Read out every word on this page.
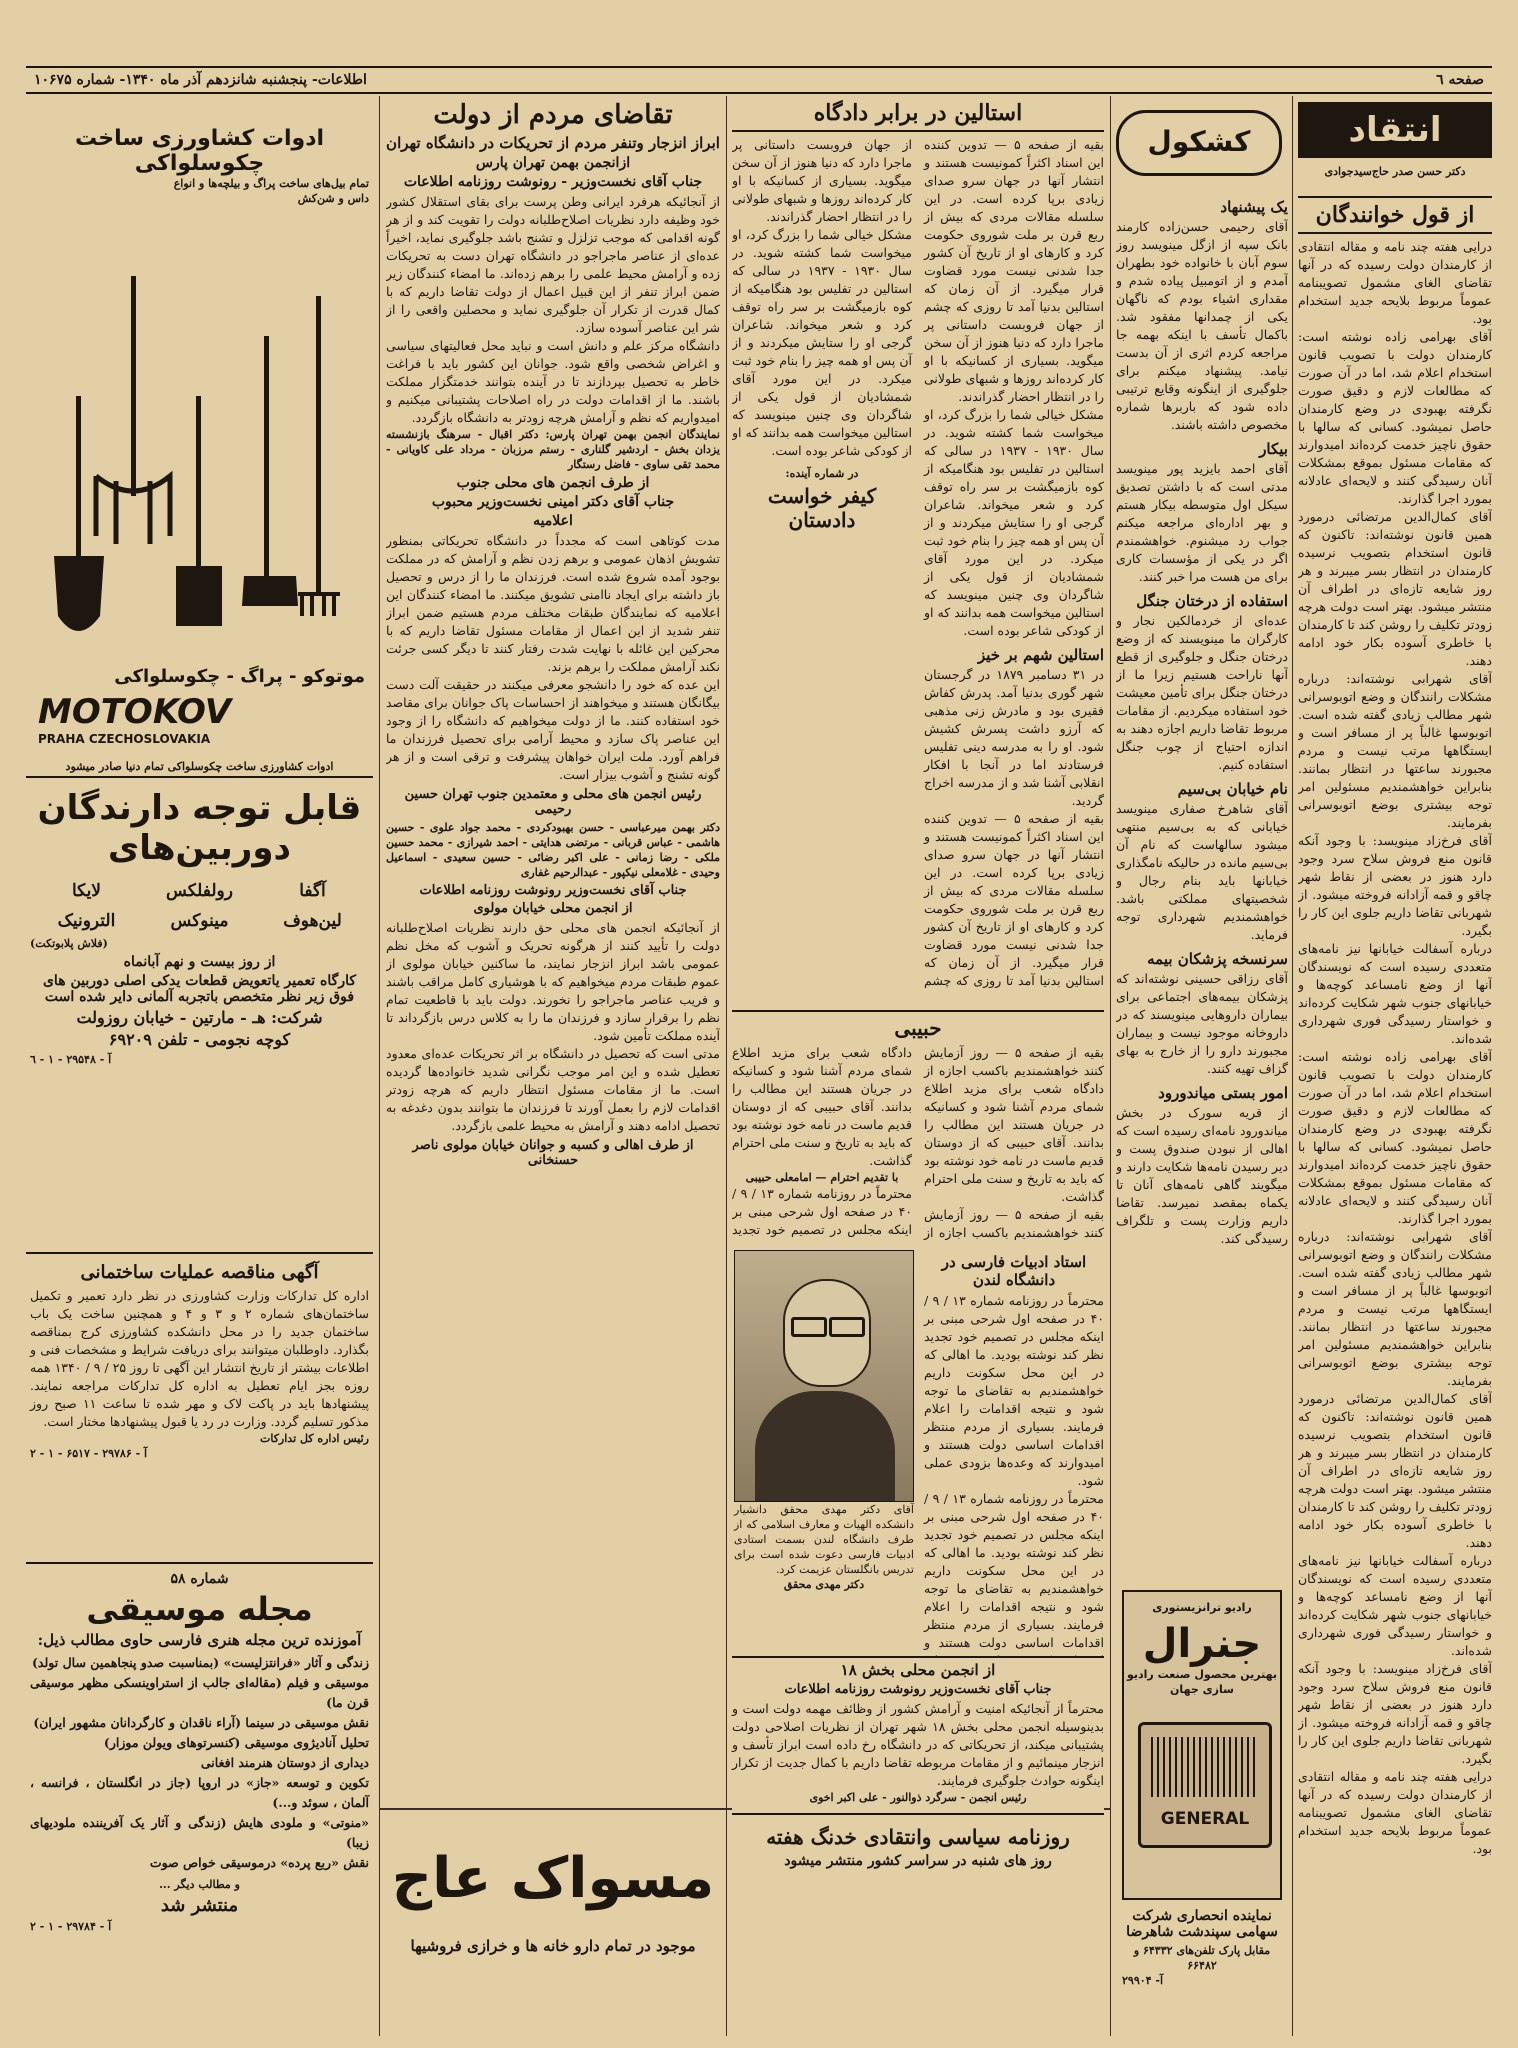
صفحه ٦
اطلاعات- پنجشنبه شانزدهم آذر ماه ۱۳۴۰- شماره ۱۰۶۷۵
انتقاد
دکتر حسن صدر حاج‌سیدجوادی
از قول خوانندگان

درایی هفته چند نامه و مقاله انتقادی از کارمندان دولت رسیده که در آنها تقاضای الغای مشمول تصویبنامه عموماً مربوط بلایحه جدید استخدام بود.

آقای بهرامی زاده نوشته است: کارمندان دولت با تصویب قانون استخدام اعلام شد، اما در آن صورت که مطالعات لازم و دقیق صورت نگرفته بهبودی در وضع کارمندان حاصل نمیشود. کسانی که سالها با حقوق ناچیز خدمت کرده‌اند امیدوارند که مقامات مسئول بموقع بمشکلات آنان رسیدگی کنند و لایحه‌ای عادلانه بمورد اجرا گذارند.

آقای کمال‌الدین مرتضائی درمورد همین قانون نوشته‌اند: تاکنون که قانون استخدام بتصویب نرسیده کارمندان در انتظار بسر میبرند و هر روز شایعه تازه‌ای در اطراف آن منتشر میشود. بهتر است دولت هرچه زودتر تکلیف را روشن کند تا کارمندان با خاطری آسوده بکار خود ادامه دهند.

آقای شهرابی نوشته‌اند: درباره مشکلات رانندگان و وضع اتوبوسرانی شهر مطالب زیادی گفته شده است. اتوبوسها غالباً پر از مسافر است و ایستگاهها مرتب نیست و مردم مجبورند ساعتها در انتظار بمانند. بنابراین خواهشمندیم مسئولین امر توجه بیشتری بوضع اتوبوسرانی بفرمایند.

آقای فرخ‌زاد مینویسد: با وجود آنکه قانون منع فروش سلاح سرد وجود دارد هنوز در بعضی از نقاط شهر چاقو و قمه آزادانه فروخته میشود. از شهربانی تقاضا داریم جلوی این کار را بگیرد.

درباره آسفالت خیابانها نیز نامه‌های متعددی رسیده است که نویسندگان آنها از وضع نامساعد کوچه‌ها و خیابانهای جنوب شهر شکایت کرده‌اند و خواستار رسیدگی فوری شهرداری شده‌اند.

آقای بهرامی زاده نوشته است: کارمندان دولت با تصویب قانون استخدام اعلام شد، اما در آن صورت که مطالعات لازم و دقیق صورت نگرفته بهبودی در وضع کارمندان حاصل نمیشود. کسانی که سالها با حقوق ناچیز خدمت کرده‌اند امیدوارند که مقامات مسئول بموقع بمشکلات آنان رسیدگی کنند و لایحه‌ای عادلانه بمورد اجرا گذارند.

آقای شهرابی نوشته‌اند: درباره مشکلات رانندگان و وضع اتوبوسرانی شهر مطالب زیادی گفته شده است. اتوبوسها غالباً پر از مسافر است و ایستگاهها مرتب نیست و مردم مجبورند ساعتها در انتظار بمانند. بنابراین خواهشمندیم مسئولین امر توجه بیشتری بوضع اتوبوسرانی بفرمایند.

آقای کمال‌الدین مرتضائی درمورد همین قانون نوشته‌اند: تاکنون که قانون استخدام بتصویب نرسیده کارمندان در انتظار بسر میبرند و هر روز شایعه تازه‌ای در اطراف آن منتشر میشود. بهتر است دولت هرچه زودتر تکلیف را روشن کند تا کارمندان با خاطری آسوده بکار خود ادامه دهند.

درباره آسفالت خیابانها نیز نامه‌های متعددی رسیده است که نویسندگان آنها از وضع نامساعد کوچه‌ها و خیابانهای جنوب شهر شکایت کرده‌اند و خواستار رسیدگی فوری شهرداری شده‌اند.

آقای فرخ‌زاد مینویسد: با وجود آنکه قانون منع فروش سلاح سرد وجود دارد هنوز در بعضی از نقاط شهر چاقو و قمه آزادانه فروخته میشود. از شهربانی تقاضا داریم جلوی این کار را بگیرد.

درایی هفته چند نامه و مقاله انتقادی از کارمندان دولت رسیده که در آنها تقاضای الغای مشمول تصویبنامه عموماً مربوط بلایحه جدید استخدام بود.

کشکول
یک پیشنهاد

آقای رحیمی حسن‌زاده کارمند بانک سپه از ازگل مینویسد روز سوم آبان با خانواده خود بطهران آمدم و از اتومبیل پیاده شدم و مقداری اشیاء بودم که ناگهان یکی از چمدانها مفقود شد. باکمال تأسف با اینکه بهمه جا مراجعه کردم اثری از آن بدست نیامد. پیشنهاد میکنم برای جلوگیری از اینگونه وقایع ترتیبی داده شود که باربرها شماره مخصوص داشته باشند.

بیکار

آقای احمد بایزید پور مینویسد مدتی است که با داشتن تصدیق سیکل اول متوسطه بیکار هستم و بهر اداره‌ای مراجعه میکنم جواب رد میشنوم. خواهشمندم اگر در یکی از مؤسسات کاری برای من هست مرا خبر کنند.

استفاده از درختان جنگل

عده‌ای از خردمالکین نجار و کارگران ما مینویسند که از وضع درختان جنگل و جلوگیری از قطع آنها ناراحت هستیم زیرا ما از درختان جنگل برای تأمین معیشت خود استفاده میکردیم. از مقامات مربوط تقاضا داریم اجازه دهند به اندازه احتیاج از چوب جنگل استفاده کنیم.

نام خیابان بی‌سیم

آقای شاهرخ صفاری مینویسد خیابانی که به بی‌سیم منتهی میشود سالهاست که نام آن بی‌سیم مانده در حالیکه نامگذاری خیابانها باید بنام رجال و شخصیتهای مملکتی باشد. خواهشمندیم شهرداری توجه فرماید.

سرنسخه پزشکان بیمه

آقای رزاقی حسینی نوشته‌اند که پزشکان بیمه‌های اجتماعی برای بیماران داروهایی مینویسند که در داروخانه موجود نیست و بیماران مجبورند دارو را از خارج به بهای گزاف تهیه کنند.

امور بستی میاندورود

از قریه سورک در بخش میاندورود نامه‌ای رسیده است که اهالی از نبودن صندوق پست و دیر رسیدن نامه‌ها شکایت دارند و میگویند گاهی نامه‌های آنان تا یکماه بمقصد نمیرسد. تقاضا داریم وزارت پست و تلگراف رسیدگی کند.

رادیو ترانزیستوری
جنرال
بهترین محصول صنعت رادیو سازی جهان
GENERAL
نماینده انحصاری شرکت سهامی سپندشت شاهرضا
مقابل پارک تلفن‌های ۶۴۳۳۲ و ۶۶۴۸۲
آ- ۲۹۹۰۴
استالین در برابر دادگاه

بقیه از صفحه ۵ — تدوین کننده این اسناد اکثراً کمونیست هستند و انتشار آنها در جهان سرو صدای زیادی برپا کرده است. در این سلسله مقالات مردی که بیش از ربع قرن بر ملت شوروی حکومت کرد و کارهای او از تاریخ آن کشور جدا شدنی نیست مورد قضاوت قرار میگیرد. از آن زمان که استالین بدنیا آمد تا روزی که چشم از جهان فروبست داستانی پر ماجرا دارد که دنیا هنوز از آن سخن میگوید. بسیاری از کسانیکه با او کار کرده‌اند روزها و شبهای طولانی را در انتظار احضار گذراندند.

مشکل خیالی شما را بزرگ کرد، او میخواست شما کشته شوید. در سال ۱۹۳۰ - ۱۹۳۷ در سالی که استالین در تفلیس بود هنگامیکه از کوه بازمیگشت بر سر راه توقف کرد و شعر میخواند. شاعران گرجی او را ستایش میکردند و از آن پس او همه چیز را بنام خود ثبت میکرد. در این مورد آقای شمشادیان از قول یکی از شاگردان وی چنین مینویسد که استالین میخواست همه بدانند که او از کودکی شاعر بوده است.

استالین شهم بر خیز

در ۳۱ دسامبر ۱۸۷۹ در گرجستان شهر گوری بدنیا آمد. پدرش کفاش فقیری بود و مادرش زنی مذهبی که آرزو داشت پسرش کشیش شود. او را به مدرسه دینی تفلیس فرستادند اما در آنجا با افکار انقلابی آشنا شد و از مدرسه اخراج گردید.

بقیه از صفحه ۵ — تدوین کننده این اسناد اکثراً کمونیست هستند و انتشار آنها در جهان سرو صدای زیادی برپا کرده است. در این سلسله مقالات مردی که بیش از ربع قرن بر ملت شوروی حکومت کرد و کارهای او از تاریخ آن کشور جدا شدنی نیست مورد قضاوت قرار میگیرد. از آن زمان که استالین بدنیا آمد تا روزی که چشم از جهان فروبست داستانی پر ماجرا دارد که دنیا هنوز از آن سخن میگوید. بسیاری از کسانیکه با او کار کرده‌اند روزها و شبهای طولانی را در انتظار احضار گذراندند.

مشکل خیالی شما را بزرگ کرد، او میخواست شما کشته شوید. در سال ۱۹۳۰ - ۱۹۳۷ در سالی که استالین در تفلیس بود هنگامیکه از کوه بازمیگشت بر سر راه توقف کرد و شعر میخواند. شاعران گرجی او را ستایش میکردند و از آن پس او همه چیز را بنام خود ثبت میکرد. در این مورد آقای شمشادیان از قول یکی از شاگردان وی چنین مینویسد که استالین میخواست همه بدانند که او از کودکی شاعر بوده است.

در شماره آینده:
کیفر خواست دادستان
حبیبی

بقیه از صفحه ۵ — روز آزمایش کنند خواهشمندیم باکسب اجازه از دادگاه شعب برای مزید اطلاع شمای مردم آشنا شود و کسانیکه در جریان هستند این مطالب را بدانند. آقای حبیبی که از دوستان قدیم ماست در نامه خود نوشته بود که باید به تاریخ و سنت ملی احترام گذاشت.

بقیه از صفحه ۵ — روز آزمایش کنند خواهشمندیم باکسب اجازه از دادگاه شعب برای مزید اطلاع شمای مردم آشنا شود و کسانیکه در جریان هستند این مطالب را بدانند. آقای حبیبی که از دوستان قدیم ماست در نامه خود نوشته بود که باید به تاریخ و سنت ملی احترام گذاشت.

با تقدیم احترام — امامعلی حبیبی

محترماً در روزنامه شماره ۱۳ / ۹ / ۴۰ در صفحه اول شرحی مبنی بر اینکه مجلس در تصمیم خود تجدید

استاد ادبیات فارسی در دانشگاه لندن

محترماً در روزنامه شماره ۱۳ / ۹ / ۴۰ در صفحه اول شرحی مبنی بر اینکه مجلس در تصمیم خود تجدید نظر کند نوشته بودید. ما اهالی که در این محل سکونت داریم خواهشمندیم به تقاضای ما توجه شود و نتیجه اقدامات را اعلام فرمایند. بسیاری از مردم منتظر اقدامات اساسی دولت هستند و امیدوارند که وعده‌ها بزودی عملی شود.

محترماً در روزنامه شماره ۱۳ / ۹ / ۴۰ در صفحه اول شرحی مبنی بر اینکه مجلس در تصمیم خود تجدید نظر کند نوشته بودید. ما اهالی که در این محل سکونت داریم خواهشمندیم به تقاضای ما توجه شود و نتیجه اقدامات را اعلام فرمایند. بسیاری از مردم منتظر اقدامات اساسی دولت هستند و

آقای دکتر مهدی محقق دانشیار دانشکده الهیات و معارف اسلامی که از طرف دانشگاه لندن بسمت استادی ادبیات فارسی دعوت شده است برای تدریس بانگلستان عزیمت کرد.

دکتر مهدی محقق
تقاضای مردم از دولت
ابراز انزجار وتنفر مردم از تحریکات در دانشگاه تهران
ازانجمن بهمن تهران پارس
جناب آقای نخست‌وزیر - رونوشت روزنامه اطلاعات

از آنجائیکه هرفرد ایرانی وطن پرست برای بقای استقلال کشور خود وظیفه دارد نظریات اصلاح‌طلبانه دولت را تقویت کند و از هر گونه اقدامی که موجب تزلزل و تشنج باشد جلوگیری نماید، اخیراً عده‌ای از عناصر ماجراجو در دانشگاه تهران دست به تحریکات زده و آرامش محیط علمی را برهم زده‌اند. ما امضاء کنندگان زیر ضمن ابراز تنفر از این قبیل اعمال از دولت تقاضا داریم که با کمال قدرت از تکرار آن جلوگیری نماید و محصلین واقعی را از شر این عناصر آسوده سازد.

دانشگاه مرکز علم و دانش است و نباید محل فعالیتهای سیاسی و اغراض شخصی واقع شود. جوانان این کشور باید با فراغت خاطر به تحصیل بپردازند تا در آینده بتوانند خدمتگزار مملکت باشند. ما از اقدامات دولت در راه اصلاحات پشتیبانی میکنیم و امیدواریم که نظم و آرامش هرچه زودتر به دانشگاه بازگردد.

نمایندگان انجمن بهمن تهران پارس: دکتر اقبال - سرهنگ بازنشسته یزدان بخش - اردشیر گلناری - رستم مرزبان - مرداد علی کاویانی - محمد تقی ساوی - فاضل رستگار

از طرف انجمن های محلی جنوب
جناب آقای دکتر امینی نخست‌وزیر محبوب
اعلامیه

مدت کوتاهی است که مجدداً در دانشگاه تحریکاتی بمنظور تشویش اذهان عمومی و برهم زدن نظم و آرامش که در مملکت بوجود آمده شروع شده است. فرزندان ما را از درس و تحصیل باز داشته برای ایجاد ناامنی تشویق میکنند. ما امضاء کنندگان این اعلامیه که نمایندگان طبقات مختلف مردم هستیم ضمن ابراز تنفر شدید از این اعمال از مقامات مسئول تقاضا داریم که با محرکین این غائله با نهایت شدت رفتار کنند تا دیگر کسی جرئت نکند آرامش مملکت را برهم بزند.

این عده که خود را دانشجو معرفی میکنند در حقیقت آلت دست بیگانگان هستند و میخواهند از احساسات پاک جوانان برای مقاصد خود استفاده کنند. ما از دولت میخواهیم که دانشگاه را از وجود این عناصر پاک سازد و محیط آرامی برای تحصیل فرزندان ما فراهم آورد. ملت ایران خواهان پیشرفت و ترقی است و از هر گونه تشنج و آشوب بیزار است.

رئیس انجمن های محلی و معتمدین جنوب تهران حسین رحیمی

دکتر بهمن میرعباسی - حسن بهبودکردی - محمد جواد علوی - حسین هاشمی - عباس قربانی - مرتضی هدایتی - احمد شیرازی - محمد حسین ملکی - رضا زمانی - علی اکبر رضائی - حسین سعیدی - اسماعیل وحیدی - غلامعلی نیکپور - عبدالرحیم غفاری

جناب آقای نخست‌وزیر رونوشت روزنامه اطلاعات
از انجمن محلی خیابان مولوی

از آنجائیکه انجمن های محلی حق دارند نظریات اصلاح‌طلبانه دولت را تأیید کنند از هرگونه تحریک و آشوب که مخل نظم عمومی باشد ابراز انزجار نمایند، ما ساکنین خیابان مولوی از عموم طبقات مردم میخواهیم که با هوشیاری کامل مراقب باشند و فریب عناصر ماجراجو را نخورند. دولت باید با قاطعیت تمام نظم را برقرار سازد و فرزندان ما را به کلاس درس بازگرداند تا آینده مملکت تأمین شود.

مدتی است که تحصیل در دانشگاه بر اثر تحریکات عده‌ای معدود تعطیل شده و این امر موجب نگرانی شدید خانواده‌ها گردیده است. ما از مقامات مسئول انتظار داریم که هرچه زودتر اقدامات لازم را بعمل آورند تا فرزندان ما بتوانند بدون دغدغه به تحصیل ادامه دهند و آرامش به محیط علمی بازگردد.

از طرف اهالی و کسبه و جوانان خیابان مولوی ناصر حسنخانی
مسواک عاج
موجود در تمام دارو خانه ها و خرازی فروشیها
از انجمن محلی بخش ۱۸
جناب آقای نخست‌وزیر رونوشت روزنامه اطلاعات

محترماً از آنجائیکه امنیت و آرامش کشور از وظائف مهمه دولت است و بدینوسیله انجمن محلی بخش ۱۸ شهر تهران از نظریات اصلاحی دولت پشتیبانی میکند، از تحریکاتی که در دانشگاه رخ داده است ابراز تأسف و انزجار مینمائیم و از مقامات مربوطه تقاضا داریم با کمال جدیت از تکرار اینگونه حوادث جلوگیری فرمایند.

رئیس انجمن - سرگرد ذوالنور - علی اکبر اخوی
روزنامه سیاسی وانتقادی خدنگ هفته
روز های شنبه در سراسر کشور منتشر میشود
ادوات کشاورزی ساخت چکوسلواکی
تمام بیل‌های ساخت پراگ و بیلچه‌ها و انواع داس و شن‌کش
موتوکو - پراگ - چکوسلواکی
MOTOKOV
PRAHA CZECHOSLOVAKIA
ادوات کشاورزی ساخت چکوسلواکی تمام دنیا صادر میشود
قابل توجه دارندگان
دوربین‌های
آگفا
رولفلکس
لایکا
لین‌هوف
مینوکس
الترونیک
(فلاش پلابوتکت)
از روز بیست و نهم آبانماه
کارگاه تعمیر یاتعویض قطعات یدکی اصلی دوربین های فوق زیر نظر متخصص باتجربه آلمانی دایر شده است
شرکت: هـ - مارتین - خیابان روزولت
کوچه نجومی - تلفن ۶۹۲۰۹
آ - ۲۹۵۴۸ - ۱ - ٦
آگهی مناقصه عملیات ساختمانی

اداره کل تدارکات وزارت کشاورزی در نظر دارد تعمیر و تکمیل ساختمان‌های شماره ۲ و ۳ و ۴ و همچنین ساخت یک باب ساختمان جدید را در محل دانشکده کشاورزی کرج بمناقصه بگذارد. داوطلبان میتوانند برای دریافت شرایط و مشخصات فنی و اطلاعات بیشتر از تاریخ انتشار این آگهی تا روز ۲۵ / ۹ / ۱۳۴۰ همه روزه بجز ایام تعطیل به اداره کل تدارکات مراجعه نمایند. پیشنهادها باید در پاکت لاک و مهر شده تا ساعت ۱۱ صبح روز مذکور تسلیم گردد. وزارت در رد یا قبول پیشنهادها مختار است.

رئیس اداره کل تدارکات
آ - ۲۹۷۸۶ - ۶۵۱۷ - ۱ - ۲
شماره ۵۸
مجله موسیقی
آموزنده ترین مجله هنری فارسی حاوی مطالب ذیل:
زندگی و آثار «فرانتزلیست» (بمناسبت صدو پنجاهمین سال تولد)
موسیقی و فیلم (مقاله‌ای جالب از استراوینسکی مظهر موسیقی قرن ما)
نقش موسیقی در سینما (آراء ناقدان و کارگردانان مشهور ایران)
تحلیل آنادیژوی موسیقی (کنسرتوهای ویولن موزار)
دیداری از دوستان هنرمند افغانی
تکوین و توسعه «جاز» در اروپا (جاز در انگلستان ، فرانسه ، آلمان ، سوئد و...)
«منوتی» و ملودی هایش (زندگی و آثار یک آفریننده ملودیهای زیبا)
نقش «ربع پرده» درموسیقی خواص صوت
و مطالب دیگر ...
منتشر شد
آ - ۲۹۷۸۴ - ۱ - ۲
